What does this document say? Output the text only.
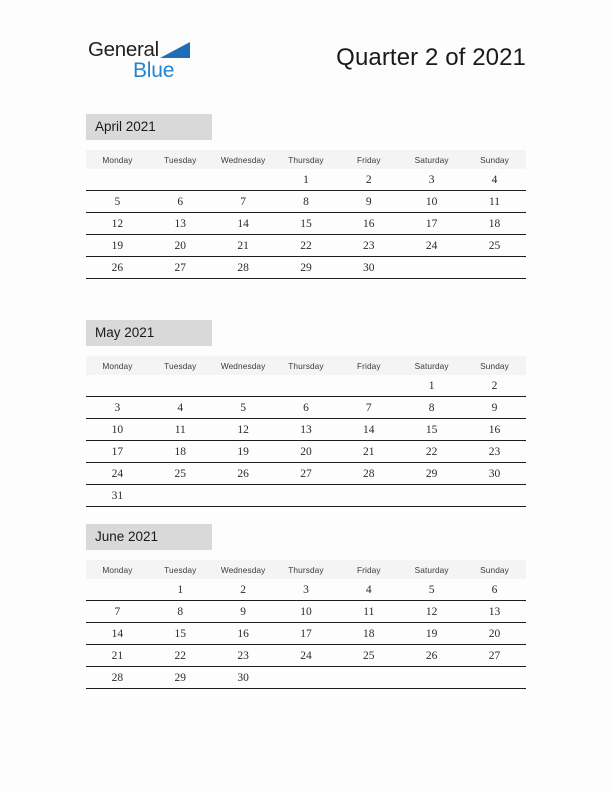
General
Blue	Quarter 2 of 2021
April 2021
Monday	Tuesday	Wednesday	Thursday	Friday	Saturday	Sunday
			1	2	3	4
5	6	7	8	9	10	11
12	13	14	15	16	17	18
19	20	21	22	23	24	25
26	27	28	29	30		
May 2021
Monday	Tuesday	Wednesday	Thursday	Friday	Saturday	Sunday
					1	2
3	4	5	6	7	8	9
10	11	12	13	14	15	16
17	18	19	20	21	22	23
24	25	26	27	28	29	30
31						
June 2021
Monday	Tuesday	Wednesday	Thursday	Friday	Saturday	Sunday
	1	2	3	4	5	6
7	8	9	10	11	12	13
14	15	16	17	18	19	20
21	22	23	24	25	26	27
28	29	30				
